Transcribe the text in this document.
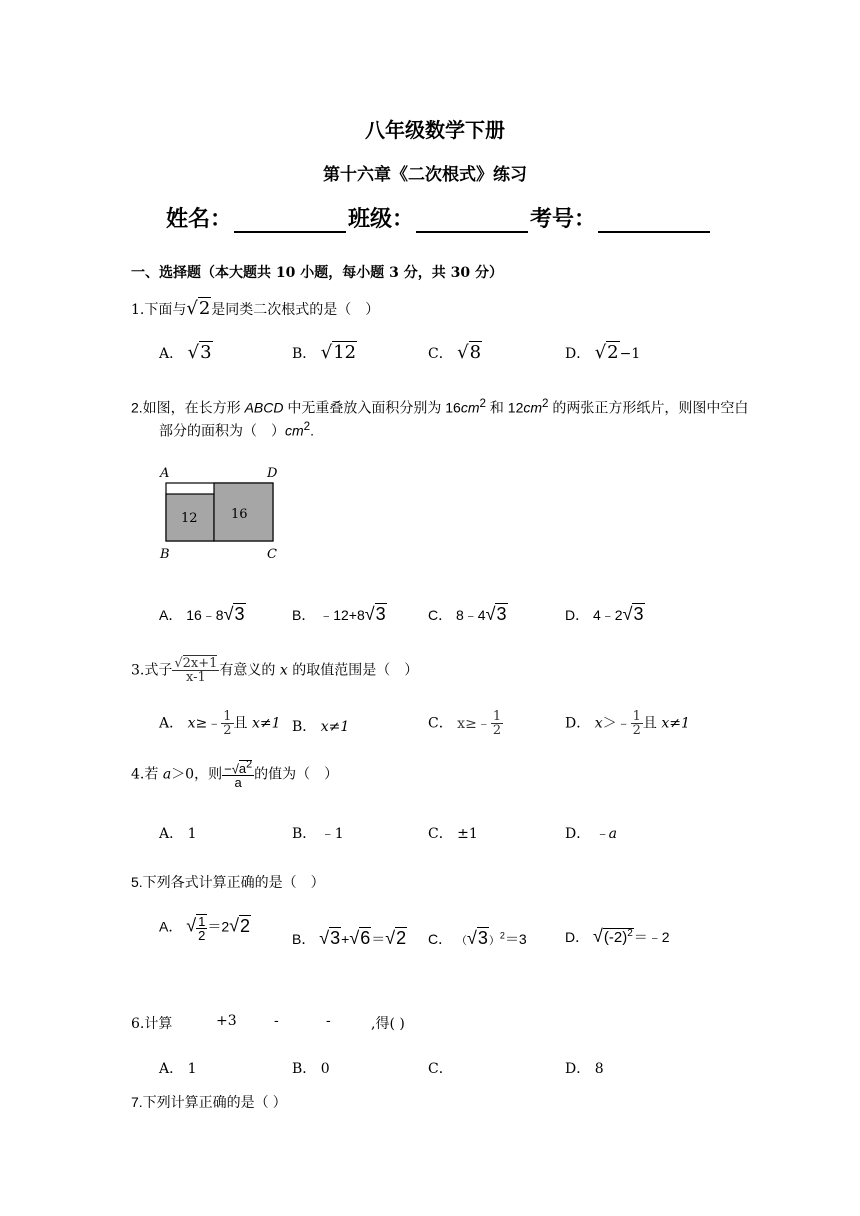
八年级数学下册
第十六章《二次根式》练习
姓名：	班级：	考号：
一、选择题（本大题共 10 小题，每小题 3 分，共 30 分）
1.下面与√2是同类二次根式的是（　）
A． √3	B． √12	C． √8	D． √2−1
2.如图，在长方形 ABCD 中无重叠放入面积分别为 $16cm^2$ 和 $12cm^2$ 的两张正方形纸片，则图中空白
部分的面积为（　）$cm^2$.
A	D
B	C
12	16
A． 16﹣8√3	B． ﹣12+8√3	C． 8﹣4√3	D． 4﹣2√3
3.式子 $\frac{√2x+1}{x-1}$ 有意义的 x 的取值范围是（　）
A． x≥﹣ $\frac{1}{2}$ 且 x≠1 B． x≠1	C． x≥﹣ $\frac{1}{2}$	D． x＞﹣ $\frac{1}{2}$ 且 x≠1
4.若 a＞0，则 $\frac{-√a^2}{a}$ 的值为（　）
A． 1	B． ﹣1	C． ±1	D． ﹣a
5.下列各式计算正确的是（　）
A． √ $\frac{1}{2} =2√2$
B． √3+√6＝√2 C． $(√3)^2=3$	D． $√(-2)^2=﹣2$
6.计算	+3	-	-	,得( )
A． 1	B． 0	C．	D． 8
7.下列计算正确的是（ ）
